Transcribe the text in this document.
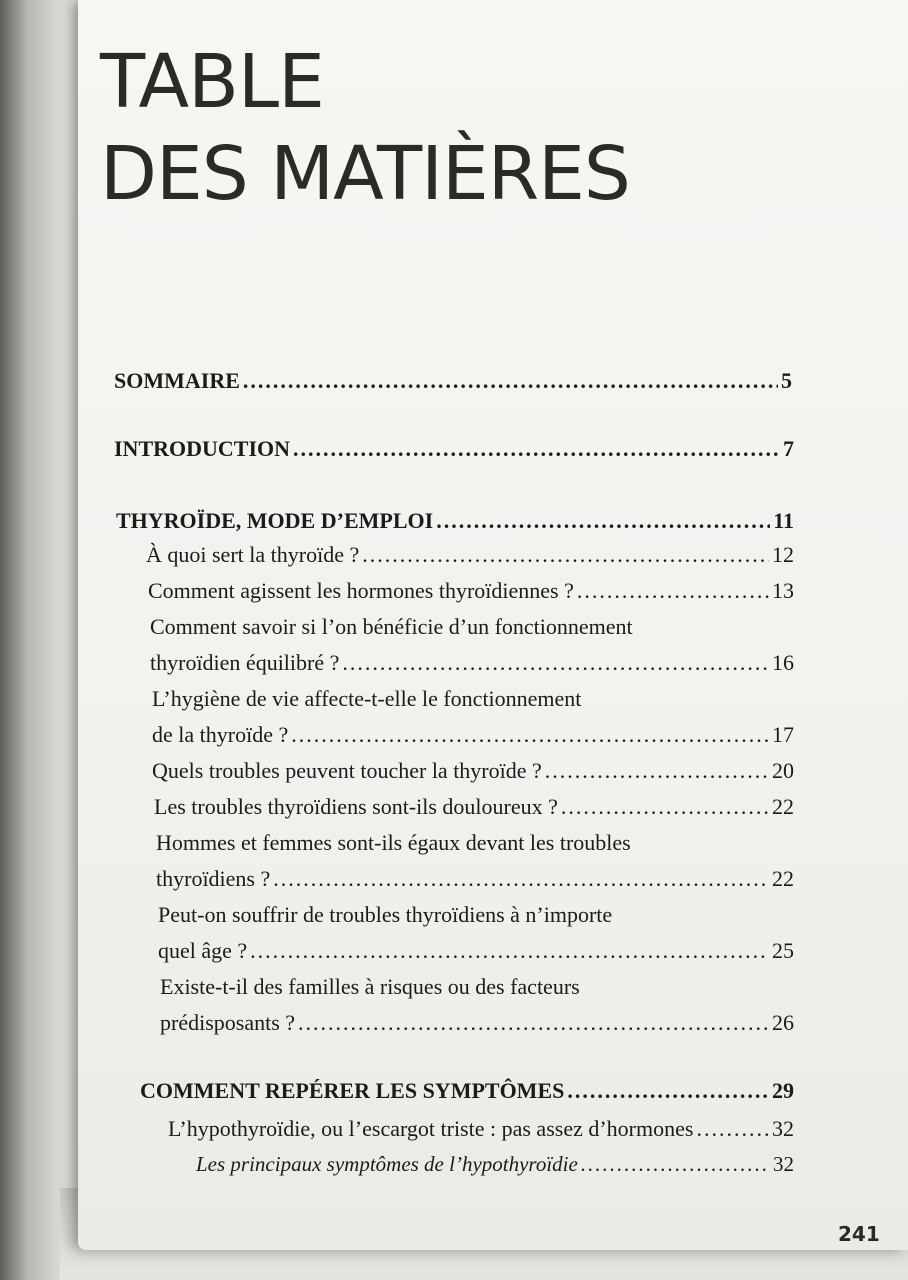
TABLE
DES MATIÈRES
SOMMAIRE .....	5
INTRODUCTION .....	7
THYROÏDE, MODE D’EMPLOI .....	11
À quoi sert la thyroïde ? .....	12
Comment agissent les hormones thyroïdiennes ? .....	13
Comment savoir si l’on bénéficie d’un fonctionnement
thyroïdien équilibré ? .....	16
L’hygiène de vie affecte-t-elle le fonctionnement
de la thyroïde ? .....	17
Quels troubles peuvent toucher la thyroïde ? .....	20
Les troubles thyroïdiens sont-ils douloureux ? .....	22
Hommes et femmes sont-ils égaux devant les troubles
thyroïdiens ? .....	22
Peut-on souffrir de troubles thyroïdiens à n’importe
quel âge ? .....	25
Existe-t-il des familles à risques ou des facteurs
prédisposants ? .....	26
COMMENT REPÉRER LES SYMPTÔMES .....	29
L’hypothyroïdie, ou l’escargot triste : pas assez d’hormones .....	32
Les principaux symptômes de l’hypothyroïdie .....	32
241
